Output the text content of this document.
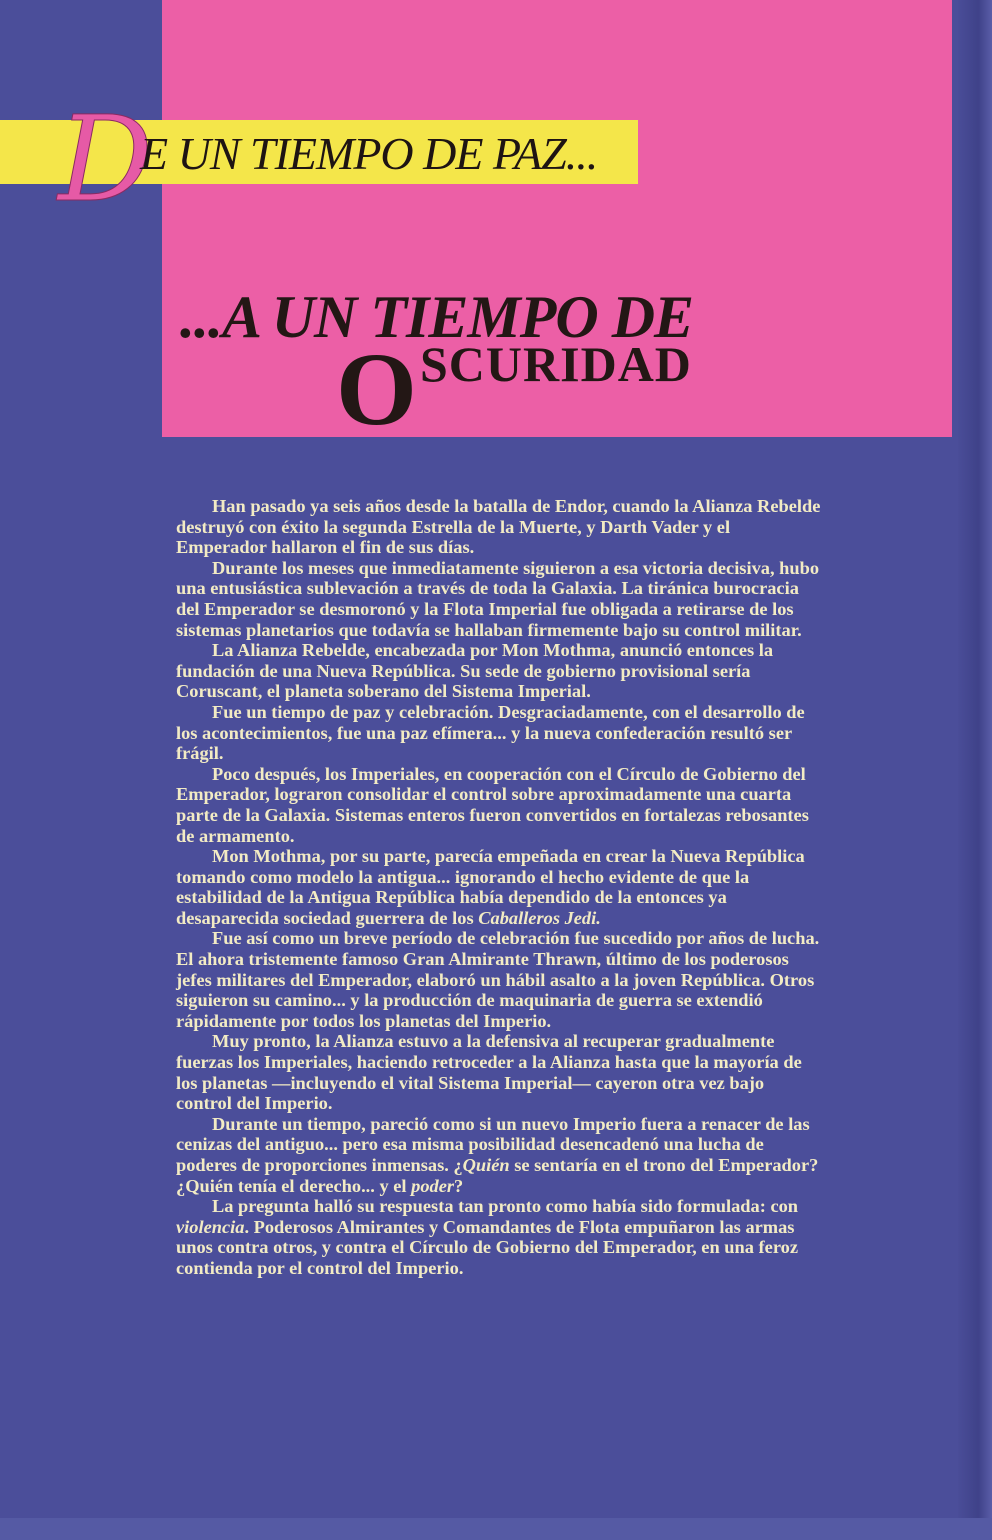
D
E UN TIEMPO DE PAZ...
...A UN TIEMPO DE
O SCURIDAD

Han pasado ya seis años desde la batalla de Endor, cuando la Alianza Rebelde destruyó con éxito la segunda Estrella de la Muerte, y Darth Vader y el Emperador hallaron el fin de sus días.

Durante los meses que inmediatamente siguieron a esa victoria decisiva, hubo una entusiástica sublevación a través de toda la Galaxia. La tiránica burocracia del Emperador se desmoronó y la Flota Imperial fue obligada a retirarse de los sistemas planetarios que todavía se hallaban firmemente bajo su control militar.

La Alianza Rebelde, encabezada por Mon Mothma, anunció entonces la fundación de una Nueva República. Su sede de gobierno provisional sería Coruscant, el planeta soberano del Sistema Imperial.

Fue un tiempo de paz y celebración. Desgraciadamente, con el desarrollo de los acontecimientos, fue una paz efímera... y la nueva confederación resultó ser frágil.

Poco después, los Imperiales, en cooperación con el Círculo de Gobierno del Emperador, lograron consolidar el control sobre aproximadamente una cuarta parte de la Galaxia. Sistemas enteros fueron convertidos en fortalezas rebosantes de armamento.

Mon Mothma, por su parte, parecía empeñada en crear la Nueva República tomando como modelo la antigua... ignorando el hecho evidente de que la estabilidad de la Antigua República había dependido de la entonces ya desaparecida sociedad guerrera de los Caballeros Jedi.

Fue así como un breve período de celebración fue sucedido por años de lucha. El ahora tristemente famoso Gran Almirante Thrawn, último de los poderosos jefes militares del Emperador, elaboró un hábil asalto a la joven República. Otros siguieron su camino... y la producción de maquinaria de guerra se extendió rápidamente por todos los planetas del Imperio.

Muy pronto, la Alianza estuvo a la defensiva al recuperar gradualmente fuerzas los Imperiales, haciendo retroceder a la Alianza hasta que la mayoría de los planetas —incluyendo el vital Sistema Imperial— cayeron otra vez bajo control del Imperio.

Durante un tiempo, pareció como si un nuevo Imperio fuera a renacer de las cenizas del antiguo... pero esa misma posibilidad desencadenó una lucha de poderes de proporciones inmensas. ¿Quién se sentaría en el trono del Emperador? ¿Quién tenía el derecho... y el poder?

La pregunta halló su respuesta tan pronto como había sido formulada: con violencia. Poderosos Almirantes y Comandantes de Flota empuñaron las armas unos contra otros, y contra el Círculo de Gobierno del Emperador, en una feroz contienda por el control del Imperio.
